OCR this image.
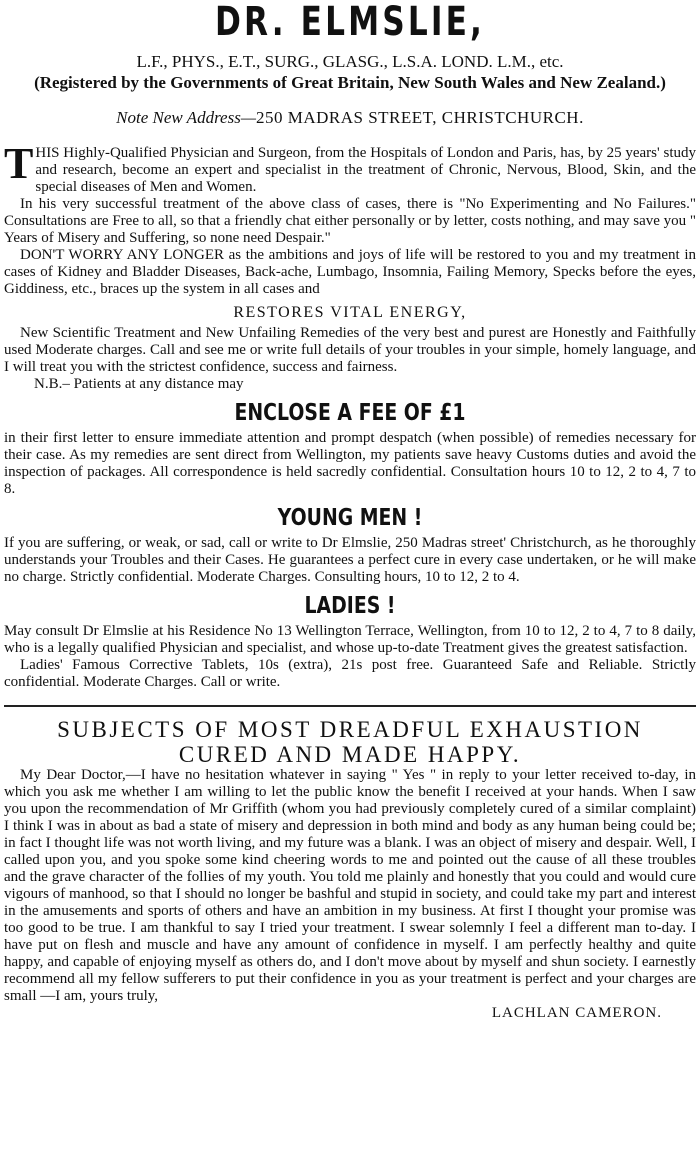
DR. ELMSLIE,
L.F., PHYS., E.T., SURG., GLASG., L.S.A. LOND. L.M., etc.
(Registered by the Governments of Great Britain, New South Wales and New Zealand.)
Note New Address—250 MADRAS STREET, CHRISTCHURCH.

THIS Highly-Qualified Physician and Surgeon, from the Hospitals of London and Paris, has, by 25 years' study and research, become an expert and specialist in the treatment of Chronic, Nervous, Blood, Skin, and the special diseases of Men and Women.

In his very successful treatment of the above class of cases, there is "No Experimenting and No Failures." Consultations are Free to all, so that a friendly chat either personally or by letter, costs nothing, and may save you " Years of Misery and Suffering, so none need Despair."

DON'T WORRY ANY LONGER as the ambitions and joys of life will be restored to you and my treatment in cases of Kidney and Bladder Diseases, Back-ache, Lumbago, Insomnia, Failing Memory, Specks before the eyes, Giddiness, etc., braces up the system in all cases and

RESTORES VITAL ENERGY,

New Scientific Treatment and New Unfailing Remedies of the very best and purest are Honestly and Faithfully used Moderate charges. Call and see me or write full details of your troubles in your simple, homely language, and I will treat you with the strictest confidence, success and fairness.

N.B.– Patients at any distance may

ENCLOSE A FEE OF £1

in their first letter to ensure immediate attention and prompt despatch (when possible) of remedies necessary for their case. As my remedies are sent direct from Wellington, my patients save heavy Customs duties and avoid the inspection of packages. All correspondence is held sacredly confidential. Consultation hours 10 to 12, 2 to 4, 7 to 8.

YOUNG MEN !

If you are suffering, or weak, or sad, call or write to Dr Elmslie, 250 Madras street' Christchurch, as he thoroughly understands your Troubles and their Cases. He guarantees a perfect cure in every case undertaken, or he will make no charge. Strictly confidential. Moderate Charges. Consulting hours, 10 to 12, 2 to 4.

LADIES !

May consult Dr Elmslie at his Residence No 13 Wellington Terrace, Wellington, from 10 to 12, 2 to 4, 7 to 8 daily, who is a legally qualified Physician and specialist, and whose up-to-date Treatment gives the greatest satisfaction.

Ladies' Famous Corrective Tablets, 10s (extra), 21s post free. Guaranteed Safe and Reliable. Strictly confidential. Moderate Charges. Call or write.

SUBJECTS OF MOST DREADFUL EXHAUSTION
CURED AND MADE HAPPY.

My Dear Doctor,—I have no hesitation whatever in saying " Yes " in reply to your letter received to-day, in which you ask me whether I am willing to let the public know the benefit I received at your hands. When I saw you upon the recommendation of Mr Griffith (whom you had previously completely cured of a similar complaint) I think I was in about as bad a state of misery and depression in both mind and body as any human being could be; in fact I thought life was not worth living, and my future was a blank. I was an object of misery and despair. Well, I called upon you, and you spoke some kind cheering words to me and pointed out the cause of all these troubles and the grave character of the follies of my youth. You told me plainly and honestly that you could and would cure vigours of manhood, so that I should no longer be bashful and stupid in society, and could take my part and interest in the amusements and sports of others and have an ambition in my business. At first I thought your promise was too good to be true. I am thankful to say I tried your treatment. I swear solemnly I feel a different man to-day. I have put on flesh and muscle and have any amount of confidence in myself. I am perfectly healthy and quite happy, and capable of enjoying myself as others do, and I don't move about by myself and shun society. I earnestly recommend all my fellow sufferers to put their confidence in you as your treatment is perfect and your charges are small —I am, yours truly,

LACHLAN CAMERON.
